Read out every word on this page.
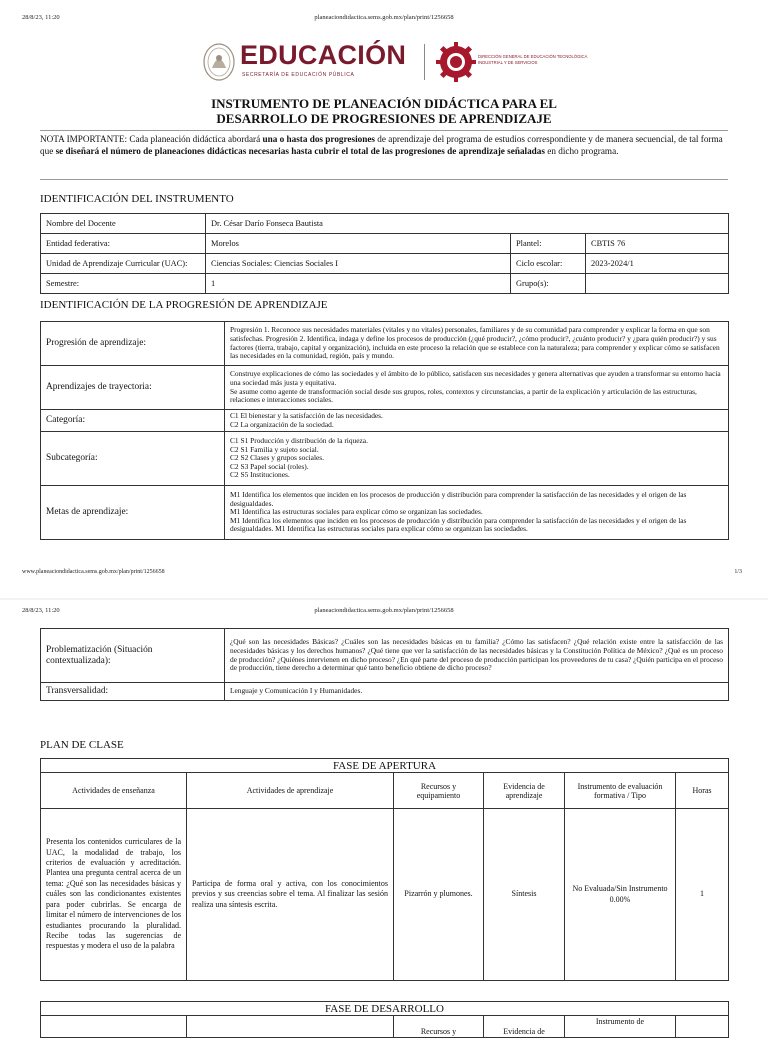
28/8/23, 11:20	planeaciondidactica.sems.gob.mx/plan/print/1256658
EDUCACIÓN
SECRETARÍA DE EDUCACIÓN PÚBLICA
DIRECCIÓN GENERAL DE EDUCACIÓN TECNOLÓGICA INDUSTRIAL Y DE SERVICIOS
INSTRUMENTO DE PLANEACIÓN DIDÁCTICA PARA EL
DESARROLLO DE PROGRESIONES DE APRENDIZAJE
NOTA IMPORTANTE: Cada planeación didáctica abordará una o hasta dos progresiones de aprendizaje del programa de estudios correspondiente y de manera secuencial, de tal forma que se diseñará el número de planeaciones didácticas necesarias hasta cubrir el total de las progresiones de aprendizaje señaladas en dicho programa.
IDENTIFICACIÓN DEL INSTRUMENTO
Nombre del Docente	Dr. César Darío Fonseca Bautista		
Entidad federativa:	Morelos	Plantel:	CBTIS 76
Unidad de Aprendizaje Curricular (UAC):	Ciencias Sociales: Ciencias Sociales I	Ciclo escolar:	2023-2024/1
Semestre:	1	Grupo(s):	
IDENTIFICACIÓN DE LA PROGRESIÓN DE APRENDIZAJE
Progresión de aprendizaje:	Progresión 1. Reconoce sus necesidades materiales (vitales y no vitales) personales, familiares y de su comunidad para comprender y explicar la forma en que son satisfechas. Progresión 2. Identifica, indaga y define los procesos de producción (¿qué producir?, ¿cómo producir?, ¿cuánto producir? y ¿para quién producir?) y sus factores (tierra, trabajo, capital y organización), incluida en este proceso la relación que se establece con la naturaleza; para comprender y explicar cómo se satisfacen las necesidades en la comunidad, región, país y mundo.
Aprendizajes de trayectoria:	Construye explicaciones de cómo las sociedades y el ámbito de lo público, satisfacen sus necesidades y genera alternativas que ayuden a transformar su entorno hacia una sociedad más justa y equitativa.
Se asume como agente de transformación social desde sus grupos, roles, contextos y circunstancias, a partir de la explicación y articulación de las estructuras, relaciones e interacciones sociales.

Categoría:	C1 El bienestar y la satisfacción de las necesidades.
C2 La organización de la sociedad.

Subcategoría:	C1 S1 Producción y distribución de la riqueza.
C2 S1 Familia y sujeto social.
C2 S2 Clases y grupos sociales.
C2 S3 Papel social (roles).
C2 S5 Instituciones.

Metas de aprendizaje:	M1 Identifica los elementos que inciden en los procesos de producción y distribución para comprender la satisfacción de las necesidades y el origen de las desigualdades.
M1 Identifica las estructuras sociales para explicar cómo se organizan las sociedades.
M1 Identifica los elementos que inciden en los procesos de producción y distribución para comprender la satisfacción de las necesidades y el origen de las desigualdades. M1 Identifica las estructuras sociales para explicar cómo se organizan las sociedades.
www.planeaciondidactica.sems.gob.mx/plan/print/1256658	1/3
28/8/23, 11:20	planeaciondidactica.sems.gob.mx/plan/print/1256658
Problematización (Situación contextualizada):	¿Qué son las necesidades Básicas? ¿Cuáles son las necesidades básicas en tu familia? ¿Cómo las satisfacen? ¿Qué relación existe entre la satisfacción de las necesidades básicas y los derechos humanos? ¿Qué tiene que ver la satisfacción de las necesidades básicas y la Constitución Política de México? ¿Qué es un proceso de producción? ¿Quiénes intervienen en dicho proceso? ¿En qué parte del proceso de producción participan los proveedores de tu casa? ¿Quién participa en el proceso de producción, tiene derecho a determinar qué tanto beneficio obtiene de dicho proceso?
Transversalidad:	Lenguaje y Comunicación I y Humanidades.
PLAN DE CLASE
FASE DE APERTURA					
Actividades de enseñanza	Actividades de aprendizaje	Recursos y equipamiento	Evidencia de aprendizaje	Instrumento de evaluación formativa / Tipo	Horas
Presenta los contenidos curriculares de la UAC, la modalidad de trabajo, los criterios de evaluación y acreditación. Plantea una pregunta central acerca de un tema: ¿Qué son las necesidades básicas y cuáles son las condicionantes existentes para poder cubrirlas. Se encarga de limitar el número de intervenciones de los estudiantes procurando la pluralidad. Recibe todas las sugerencias de respuestas y modera el uso de la palabra	Participa de forma oral y activa, con los conocimientos previos y sus creencias sobre el tema. Al finalizar las sesión realiza una síntesis escrita.	Pizarrón y plumones.	Síntesis	No Evaluada/Sin Instrumento 0.00%	1
FASE DE DESARROLLO
		Recursos y	Evidencia de	Instrumento de	
